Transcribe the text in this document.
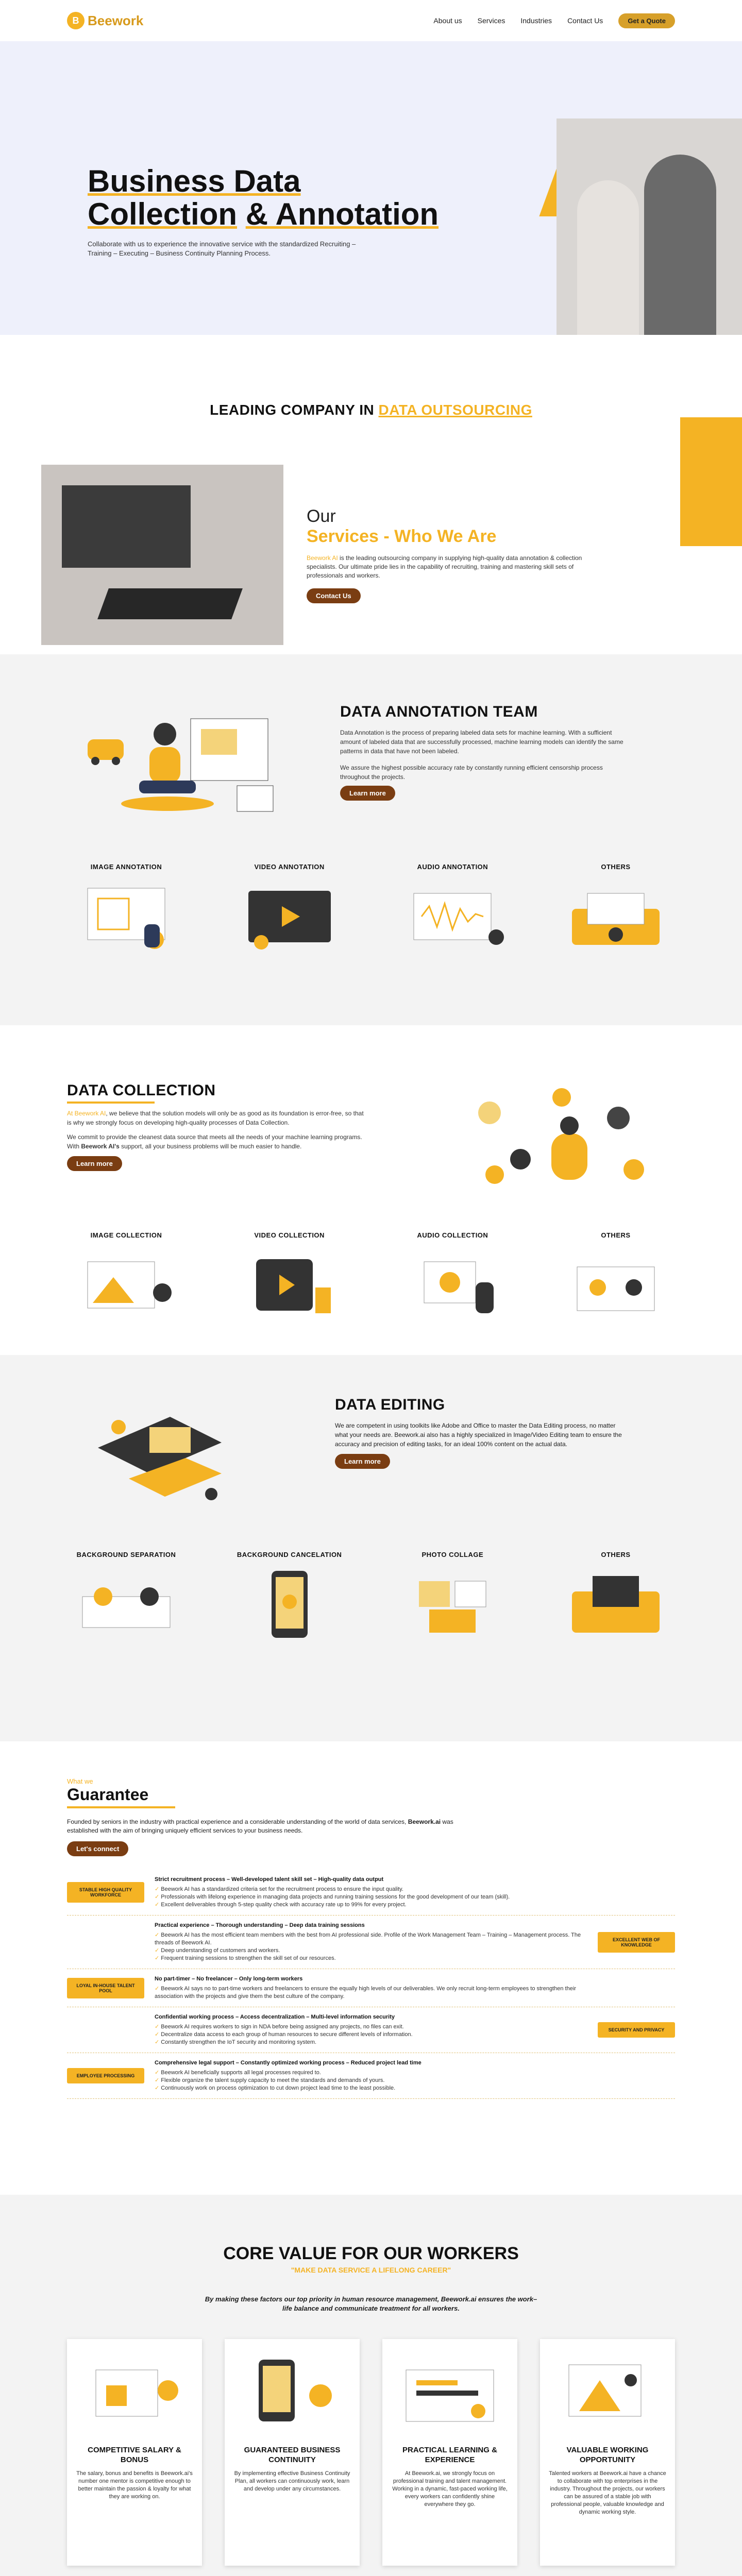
B Beework	About us Services Industries Contact Us	Get a Quote
Business Data
Collection & Annotation

Collaborate with us to experience the innovative service with the standardized Recruiting – Training – Executing – Business Continuity Planning Process.

LEADING COMPANY IN DATA OUTSOURCING
Our
Services - Who We Are

Beework AI is the leading outsourcing company in supplying high-quality data annotation & collection specialists. Our ultimate pride lies in the capability of recruiting, training and mastering skill sets of professionals and workers.

Contact Us
DATA ANNOTATION TEAM

Data Annotation is the process of preparing labeled data sets for machine learning. With a sufficient amount of labeled data that are successfully processed, machine learning models can identify the same patterns in data that have not been labeled.

We assure the highest possible accuracy rate by constantly running efficient censorship process throughout the projects.

Learn more
IMAGE ANNOTATION	VIDEO ANNOTATION	AUDIO ANNOTATION	OTHERS
DATA COLLECTION

At Beework AI, we believe that the solution models will only be as good as its foundation is error-free, so that is why we strongly focus on developing high-quality processes of Data Collection.

We commit to provide the cleanest data source that meets all the needs of your machine learning programs. With Beework AI's support, all your business problems will be much easier to handle.

Learn more
IMAGE COLLECTION	VIDEO COLLECTION	AUDIO COLLECTION	OTHERS
DATA EDITING

We are competent in using toolkits like Adobe and Office to master the Data Editing process, no matter what your needs are. Beework.ai also has a highly specialized in Image/Video Editing team to ensure the accuracy and precision of editing tasks, for an ideal 100% content on the actual data.

Learn more
BACKGROUND SEPARATION	BACKGROUND CANCELATION	PHOTO COLLAGE	OTHERS
What we
Guarantee

Founded by seniors in the industry with practical experience and a considerable understanding of the world of data services, Beework.ai was established with the aim of bringing uniquely efficient services to your business needs.

Let's connect
STABLE HIGH QUALITY WORKFORCE
Strict recruitment process – Well-developed talent skill set – High-quality data output
✓ Beework AI has a standardized criteria set for the recruitment process to ensure the input quality.
✓ Professionals with lifelong experience in managing data projects and running training sessions for the good development of our team (skill).
✓ Excellent deliverables through 5-step quality check with accuracy rate up to 99% for every project.
Practical experience – Thorough understanding – Deep data training sessions
✓ Beework AI has the most efficient team members with the best from AI professional side. Profile of the Work Management Team – Training – Management process. The threads of Beework AI.
✓ Deep understanding of customers and workers.
✓ Frequent training sessions to strengthen the skill set of our resources.
EXCELLENT WEB OF KNOWLEDGE
LOYAL IN-HOUSE TALENT POOL
No part-timer – No freelancer – Only long-term workers
✓ Beework AI says no to part-time workers and freelancers to ensure the equally high levels of our deliverables. We only recruit long-term employees to strengthen their association with the projects and give them the best culture of the company.
Confidential working process – Access decentralization – Multi-level information security
✓ Beework AI requires workers to sign in NDA before being assigned any projects, no files can exit.
✓ Decentralize data access to each group of human resources to secure different levels of information.
✓ Constantly strengthen the IoT security and monitoring system.
SECURITY AND PRIVACY
EMPLOYEE PROCESSING
Comprehensive legal support – Constantly optimized working process – Reduced project lead time
✓ Beework AI beneficially supports all legal processes required to.
✓ Flexible organize the talent supply capacity to meet the standards and demands of yours.
✓ Continuously work on process optimization to cut down project lead time to the least possible.
CORE VALUE FOR OUR WORKERS
"MAKE DATA SERVICE A LIFELONG CAREER"

By making these factors our top priority in human resource management, Beework.ai ensures the work–
life balance and communicate treatment for all workers.

COMPETITIVE SALARY & BONUS

The salary, bonus and benefits is Beework.ai's number one mentor is competitive enough to better maintain the passion & loyalty for what they are working on.

GUARANTEED BUSINESS CONTINUITY

By implementing effective Business Continuity Plan, all workers can continuously work, learn and develop under any circumstances.

PRACTICAL LEARNING & EXPERIENCE

At Beework.ai, we strongly focus on professional training and talent management. Working in a dynamic, fast-paced working life, every workers can confidently shine everywhere they go.

VALUABLE WORKING OPPORTUNITY

Talented workers at Beework.ai have a chance to collaborate with top enterprises in the industry. Throughout the projects, our workers can be assured of a stable job with professional people, valuable knowledge and dynamic working style.
